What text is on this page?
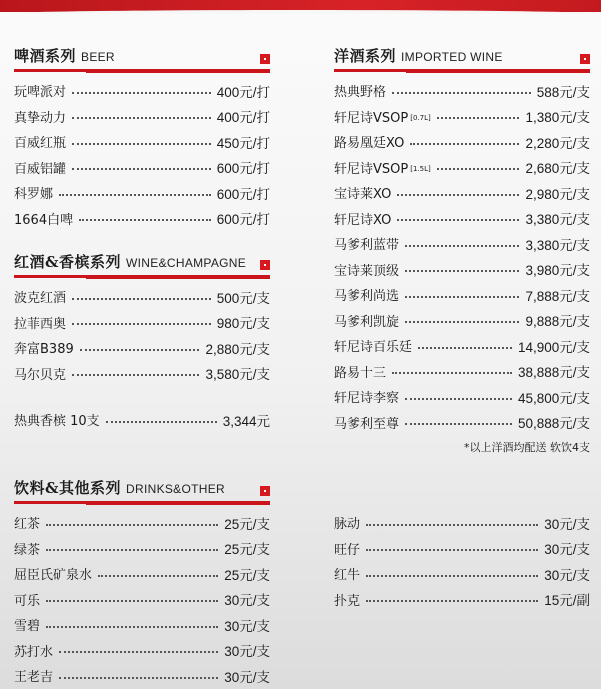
啤酒系列 BEER
玩啤派对	400元/打
真挚动力	400元/打
百威红瓶	450元/打
百威铝罐	600元/打
科罗娜	600元/打
1664白啤	600元/打
红酒&香槟系列 WINE&CHAMPAGNE
波克红酒	500元/支
拉菲西奥	980元/支
奔富B389	2,880元/支
马尔贝克	3,580元/支
热典香槟 10支	3,344元
洋酒系列 IMPORTED WINE
热典野格	588元/支
轩尼诗VSOP [0.7L]	1,380元/支
路易凰廷XO	2,280元/支
轩尼诗VSOP [1.5L]	2,680元/支
宝诗莱XO	2,980元/支
轩尼诗XO	3,380元/支
马爹利蓝带	3,380元/支
宝诗莱顶级	3,980元/支
马爹利尚选	7,888元/支
马爹利凯旋	9,888元/支
轩尼诗百乐廷	14,900元/支
路易十三	38,888元/支
轩尼诗李察	45,800元/支
马爹利至尊	50,888元/支
*以上洋酒均配送 软饮4支
饮料&其他系列 DRINKS&OTHER
红茶	25元/支
绿茶	25元/支
屈臣氏矿泉水	25元/支
可乐	30元/支
雪碧	30元/支
苏打水	30元/支
王老吉	30元/支
脉动	30元/支
旺仔	30元/支
红牛	30元/支
扑克	15元/副
